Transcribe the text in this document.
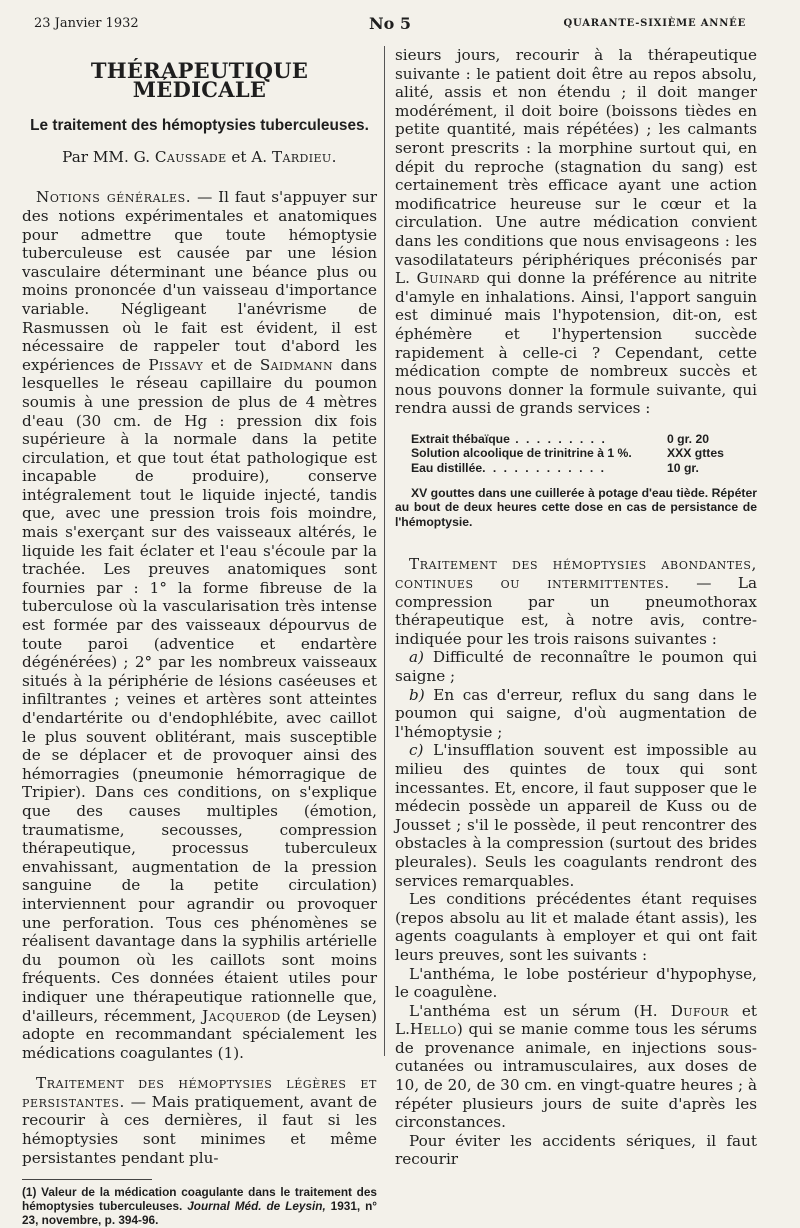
23 Janvier 1932	No 5	QUARANTE-SIXIÈME ANNÉE
THÉRAPEUTIQUE MÉDICALE
Le traitement des hémoptysies tuberculeuses.
Par MM. G. Caussade et A. Tardieu.

Notions générales. — Il faut s'appuyer sur des notions expérimentales et anatomiques pour admettre que toute hémoptysie tuberculeuse est causée par une lésion vasculaire déterminant une béance plus ou moins prononcée d'un vaisseau d'importance variable. Négligeant l'anévrisme de Rasmussen où le fait est évident, il est nécessaire de rappeler tout d'abord les expériences de Pissavy et de Saidmann dans lesquelles le réseau capillaire du poumon soumis à une pression de plus de 4 mètres d'eau (30 cm. de Hg : pression dix fois supérieure à la normale dans la petite circulation, et que tout état pathologique est incapable de produire), conserve intégralement tout le liquide injecté, tandis que, avec une pression trois fois moindre, mais s'exerçant sur des vaisseaux altérés, le liquide les fait éclater et l'eau s'écoule par la trachée. Les preuves anatomiques sont fournies par : 1° la forme fibreuse de la tuberculose où la vascularisation très intense est formée par des vaisseaux dépourvus de toute paroi (adventice et endartère dégénérées) ; 2° par les nombreux vaisseaux situés à la périphérie de lésions caséeuses et infiltrantes ; veines et artères sont atteintes d'endartérite ou d'endophlébite, avec caillot le plus souvent oblitérant, mais susceptible de se déplacer et de provoquer ainsi des hémorragies (pneumonie hémorragique de Tripier). Dans ces conditions, on s'explique que des causes multiples (émotion, traumatisme, secousses, compression thérapeutique, processus tuberculeux envahissant, augmentation de la pression sanguine de la petite circulation) interviennent pour agrandir ou provoquer une perforation. Tous ces phénomènes se réalisent davantage dans la syphilis artérielle du poumon où les caillots sont moins fréquents. Ces données étaient utiles pour indiquer une thérapeutique rationnelle que, d'ailleurs, récemment, Jacquerod (de Leysen) adopte en recommandant spécialement les médications coagulantes (1).

Traitement des hémoptysies légères et persistantes. — Mais pratiquement, avant de recourir à ces dernières, il faut si les hémoptysies sont minimes et même persistantes pendant plu-

(1) Valeur de la médication coagulante dans le traitement des hémoptysies tuberculeuses. Journal Méd. de Leysin, 1931, n° 23, novembre, p. 394-96.

sieurs jours, recourir à la thérapeutique suivante : le patient doit être au repos absolu, alité, assis et non étendu ; il doit manger modérément, il doit boire (boissons tièdes en petite quantité, mais répétées) ; les calmants seront prescrits : la morphine surtout qui, en dépit du reproche (stagnation du sang) est certainement très efficace ayant une action modificatrice heureuse sur le cœur et la circulation. Une autre médication convient dans les conditions que nous envisageons : les vasodilatateurs périphériques préconisés par L. Guinard qui donne la préférence au nitrite d'amyle en inhalations. Ainsi, l'apport sanguin est diminué mais l'hypotension, dit-on, est éphémère et l'hypertension succède rapidement à celle-ci ? Cependant, cette médication compte de nombreux succès et nous pouvons donner la formule suivante, qui rendra aussi de grands services :

Extrait thébaïque . . . . . . . . .	0 gr. 20
Solution alcoolique de trinitrine à 1 %.	XXX gttes
Eau distillée. . . . . . . . . . . .	10 gr.

XV gouttes dans une cuillerée à potage d'eau tiède. Répéter au bout de deux heures cette dose en cas de persistance de l'hémoptysie.

Traitement des hémoptysies abondantes, continues ou intermittentes. — La compression par un pneumothorax thérapeutique est, à notre avis, contre-indiquée pour les trois raisons suivantes :

a) Difficulté de reconnaître le poumon qui saigne ;

b) En cas d'erreur, reflux du sang dans le poumon qui saigne, d'où augmentation de l'hémoptysie ;

c) L'insufflation souvent est impossible au milieu des quintes de toux qui sont incessantes. Et, encore, il faut supposer que le médecin possède un appareil de Kuss ou de Jousset ; s'il le possède, il peut rencontrer des obstacles à la compression (surtout des brides pleurales). Seuls les coagulants rendront des services remarquables.

Les conditions précédentes étant requises (repos absolu au lit et malade étant assis), les agents coagulants à employer et qui ont fait leurs preuves, sont les suivants :

L'anthéma, le lobe postérieur d'hypophyse, le coagulène.

L'anthéma est un sérum (H. Dufour et L.Hello) qui se manie comme tous les sérums de provenance animale, en injections sous-cutanées ou intramusculaires, aux doses de 10, de 20, de 30 cm. en vingt-quatre heures ; à répéter plusieurs jours de suite d'après les circonstances.

Pour éviter les accidents sériques, il faut recourir
